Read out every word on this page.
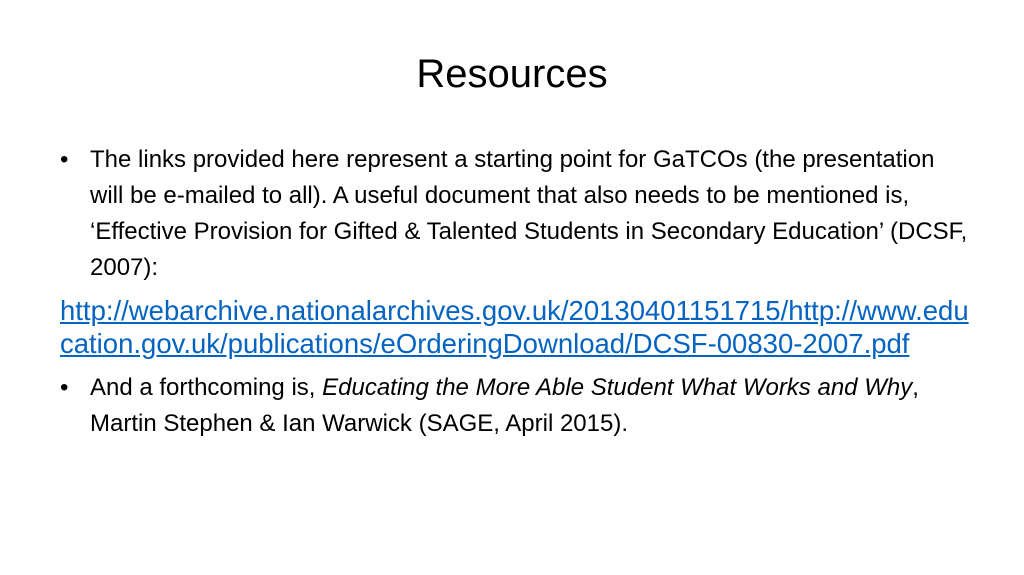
Resources

• The links provided here represent a starting point for GaTCOs (the presentation will be e-mailed to all). A useful document that also needs to be mentioned is, ‘Effective Provision for Gifted & Talented Students in Secondary Education’ (DCSF, 2007):

http://webarchive.nationalarchives.gov.uk/20130401151715/http://www.education.gov.uk/publications/eOrderingDownload/DCSF-00830-2007.pdf

• And a forthcoming is, Educating the More Able Student What Works and Why, Martin Stephen & Ian Warwick (SAGE, April 2015).
